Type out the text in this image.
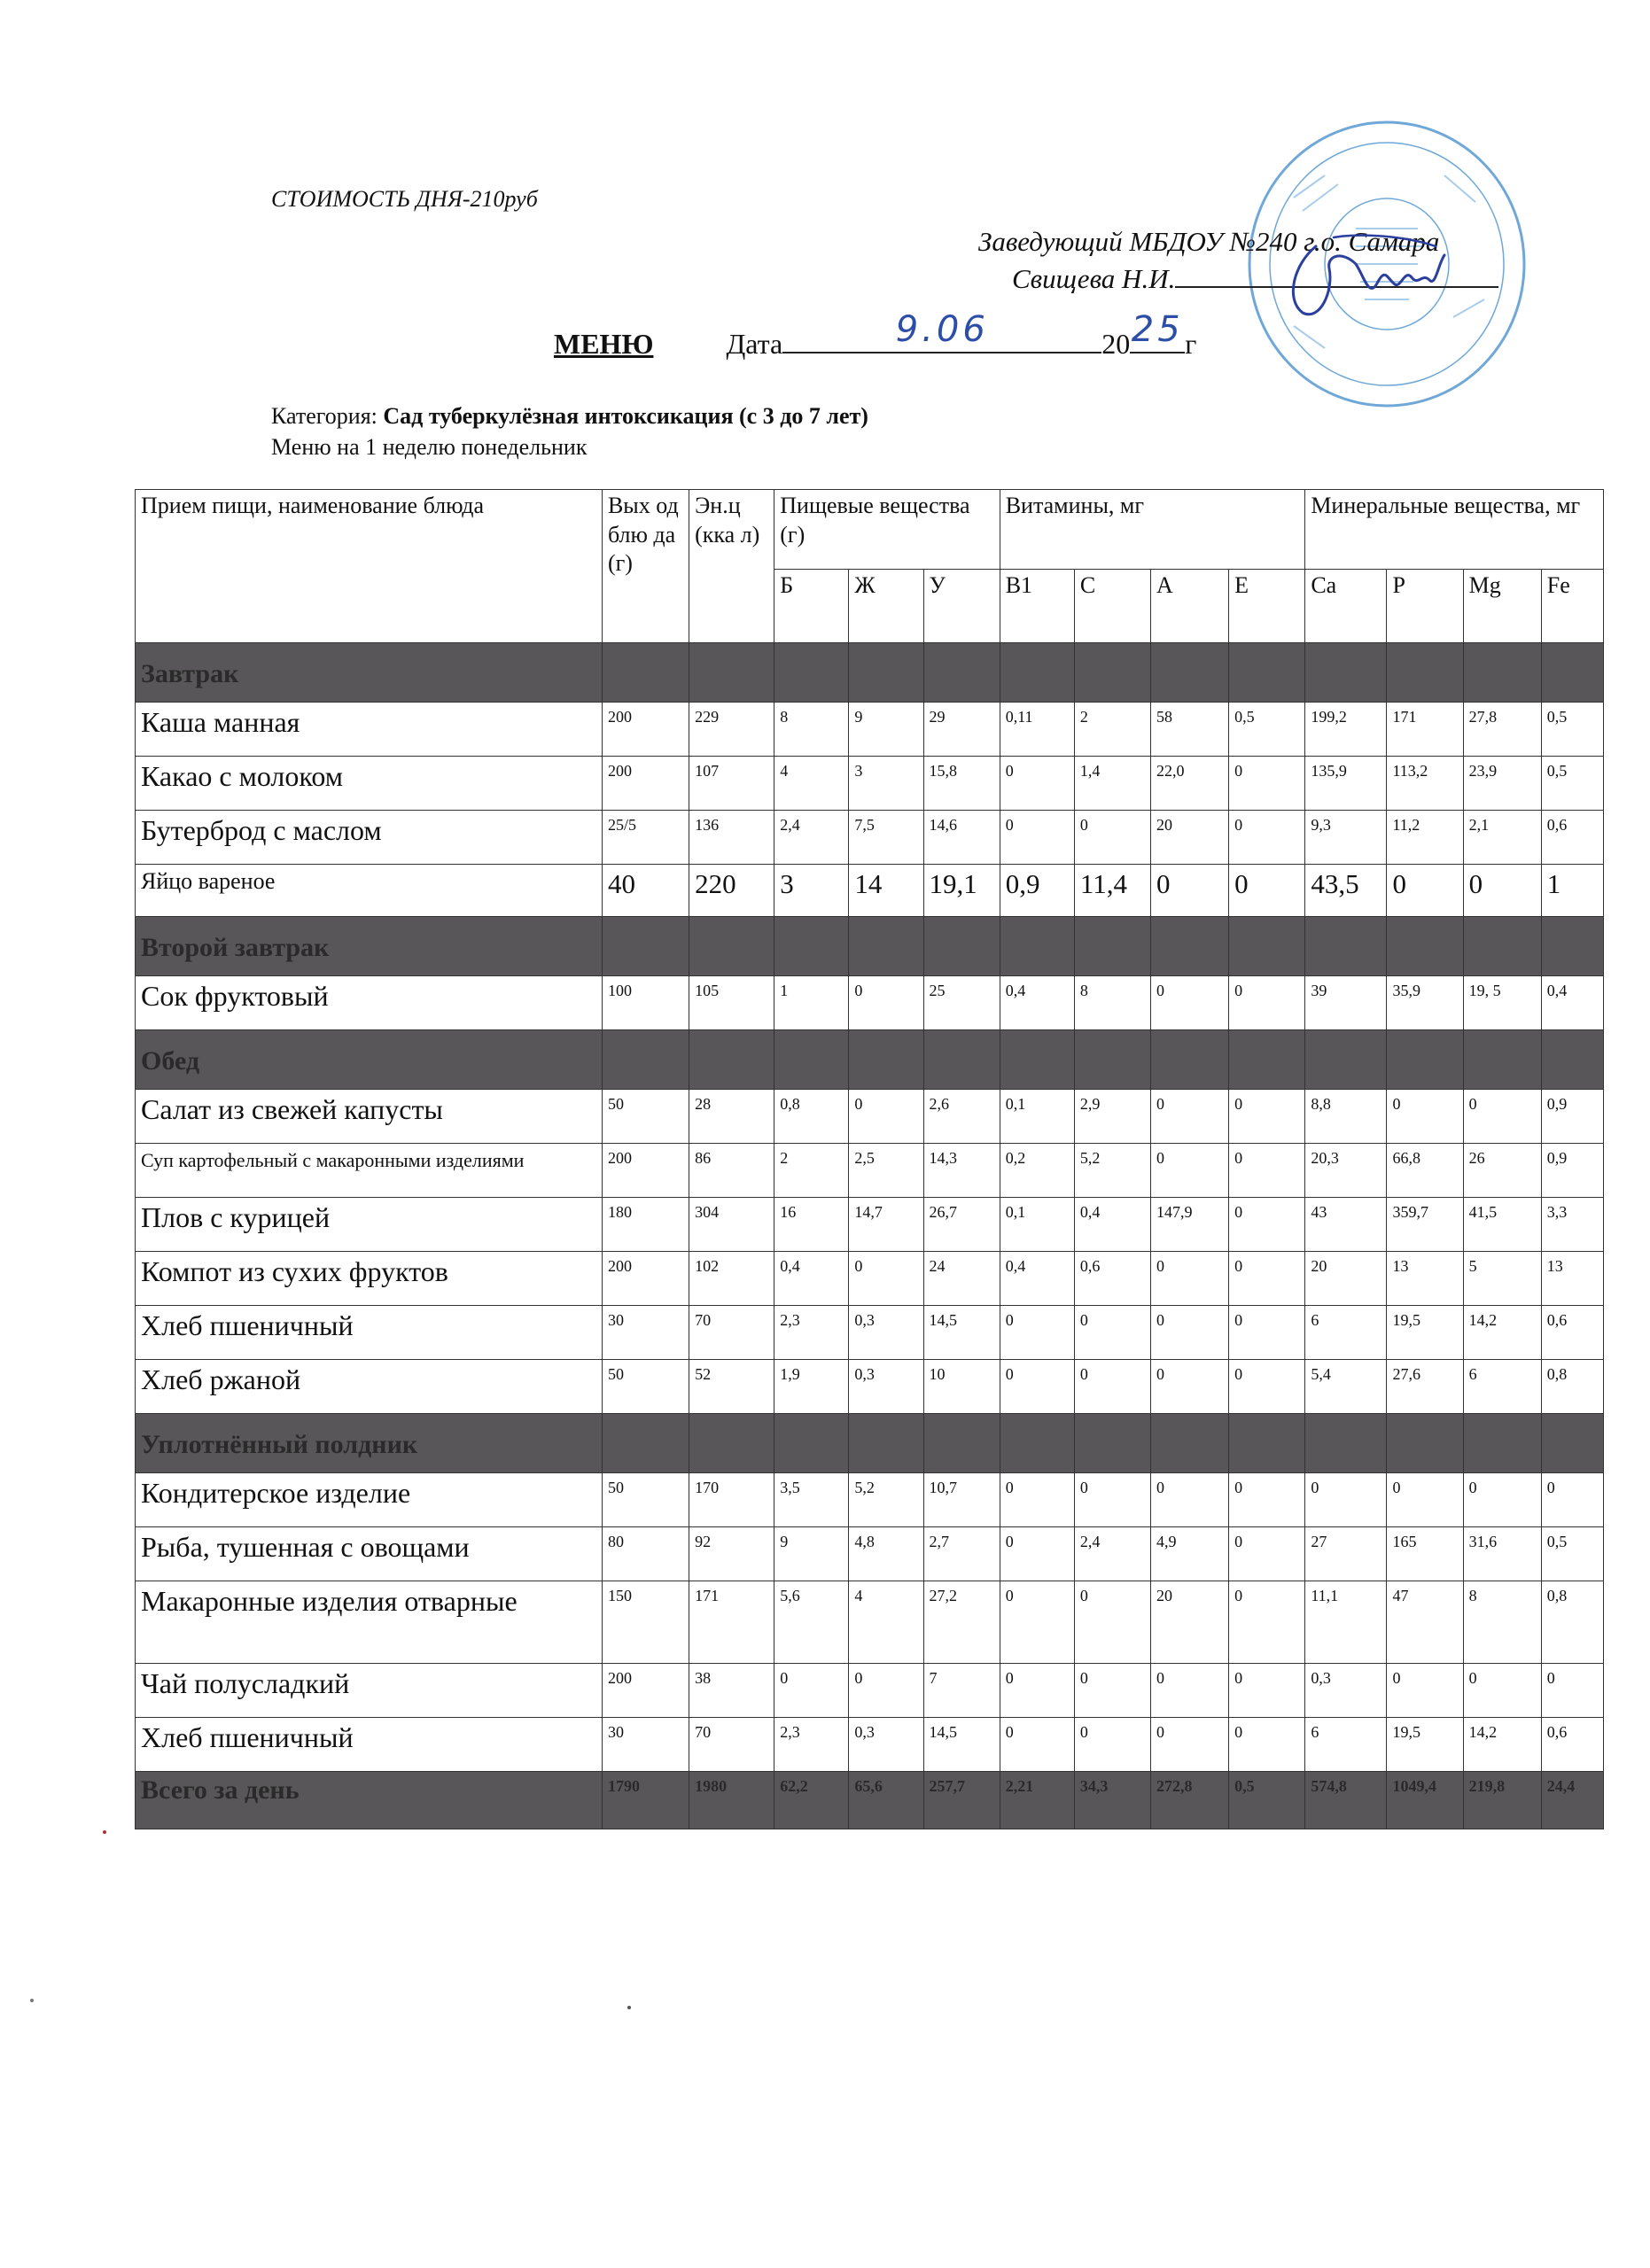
СТОИМОСТЬ ДНЯ-210руб
Заведующий МБДОУ №240 г.о. Самара
Свищева Н.И.
МЕНЮ	Дата	9.06	20 25 г
Категория: Сад туберкулёзная интоксикация (с 3 до 7 лет)
Меню на 1 неделю понедельник
Прием пищи, наименование блюда	Вых од блю да (г)	Эн.ц (кка л)	Пищевые вещества (г)			Витамины, мг				Минеральные вещества, мг			
			Б	Ж	У	В1	С	А	Е	Ca	P	Mg	Fe
Завтрак													
Каша манная	200	229	8	9	29	0,11	2	58	0,5	199,2	171	27,8	0,5
Какао с молоком	200	107	4	3	15,8	0	1,4	22,0	0	135,9	113,2	23,9	0,5
Бутерброд с маслом	25/5	136	2,4	7,5	14,6	0	0	20	0	9,3	11,2	2,1	0,6
Яйцо вареное	40	220	3	14	19,1	0,9	11,4	0	0	43,5	0	0	1
Второй завтрак													
Сок фруктовый	100	105	1	0	25	0,4	8	0	0	39	35,9	19, 5	0,4
Обед													
Салат из свежей капусты	50	28	0,8	0	2,6	0,1	2,9	0	0	8,8	0	0	0,9
Суп картофельный с макаронными изделиями	200	86	2	2,5	14,3	0,2	5,2	0	0	20,3	66,8	26	0,9
Плов с курицей	180	304	16	14,7	26,7	0,1	0,4	147,9	0	43	359,7	41,5	3,3
Компот из сухих фруктов	200	102	0,4	0	24	0,4	0,6	0	0	20	13	5	13
Хлеб пшеничный	30	70	2,3	0,3	14,5	0	0	0	0	6	19,5	14,2	0,6
Хлеб ржаной	50	52	1,9	0,3	10	0	0	0	0	5,4	27,6	6	0,8
Уплотнённый полдник													
Кондитерское изделие	50	170	3,5	5,2	10,7	0	0	0	0	0	0	0	0
Рыба, тушенная с овощами	80	92	9	4,8	2,7	0	2,4	4,9	0	27	165	31,6	0,5
Макаронные изделия отварные	150	171	5,6	4	27,2	0	0	20	0	11,1	47	8	0,8
Чай полусладкий	200	38	0	0	7	0	0	0	0	0,3	0	0	0
Хлеб пшеничный	30	70	2,3	0,3	14,5	0	0	0	0	6	19,5	14,2	0,6
Всего за день	1790	1980	62,2	65,6	257,7	2,21	34,3	272,8	0,5	574,8	1049,4	219,8	24,4
